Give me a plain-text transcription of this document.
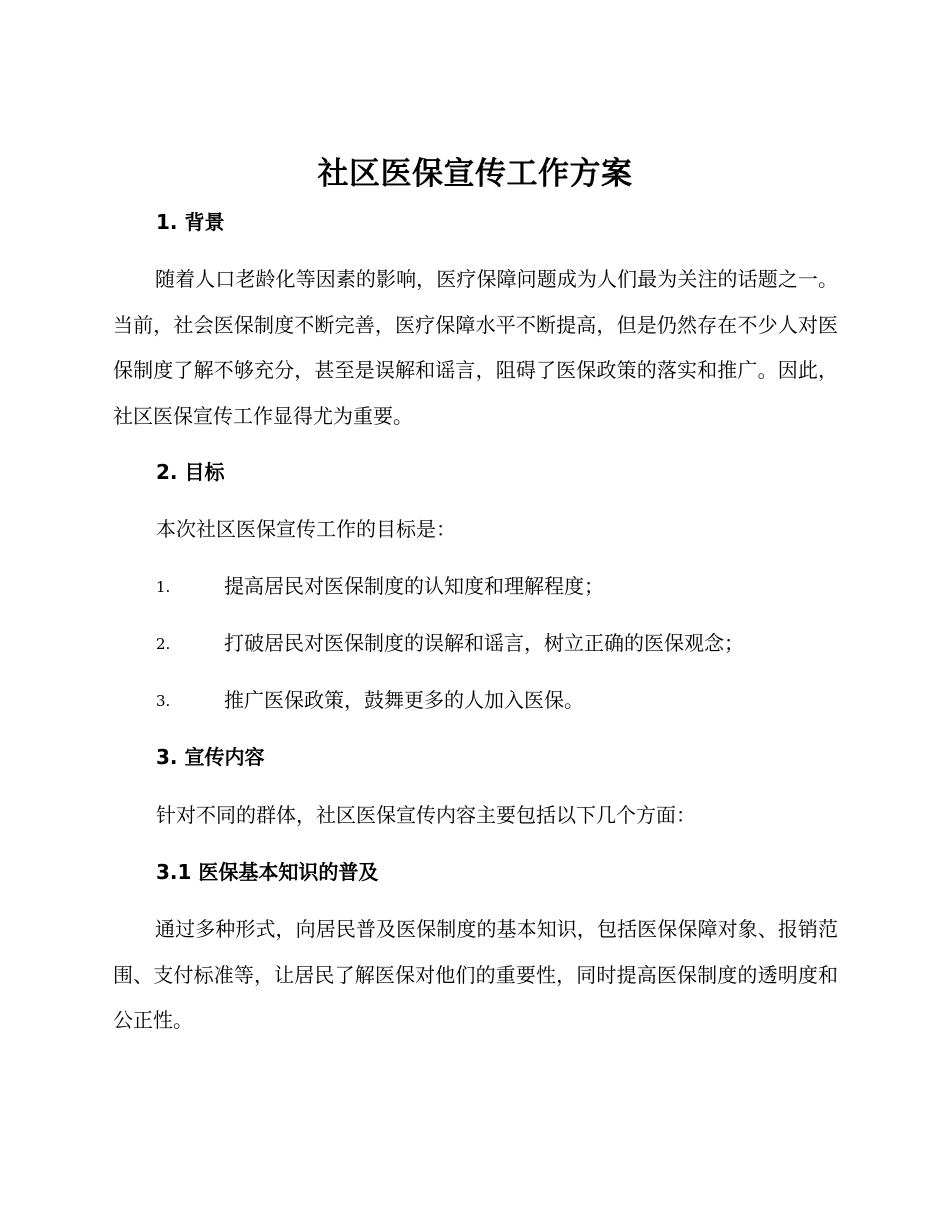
社区医保宣传工作方案
1. 背景
随着人口老龄化等因素的影响，医疗保障问题成为人们最为关注的话题之一。当前，社会医保制度不断完善，医疗保障水平不断提高，但是仍然存在不少人对医保制度了解不够充分，甚至是误解和谣言，阻碍了医保政策的落实和推广。因此，社区医保宣传工作显得尤为重要。
2. 目标
本次社区医保宣传工作的目标是：
1.	提高居民对医保制度的认知度和理解程度；
2.	打破居民对医保制度的误解和谣言，树立正确的医保观念；
3.	推广医保政策，鼓舞更多的人加入医保。
3. 宣传内容
针对不同的群体，社区医保宣传内容主要包括以下几个方面：
3.1 医保基本知识的普及
通过多种形式，向居民普及医保制度的基本知识，包括医保保障对象、报销范围、支付标准等，让居民了解医保对他们的重要性，同时提高医保制度的透明度和公正性。
